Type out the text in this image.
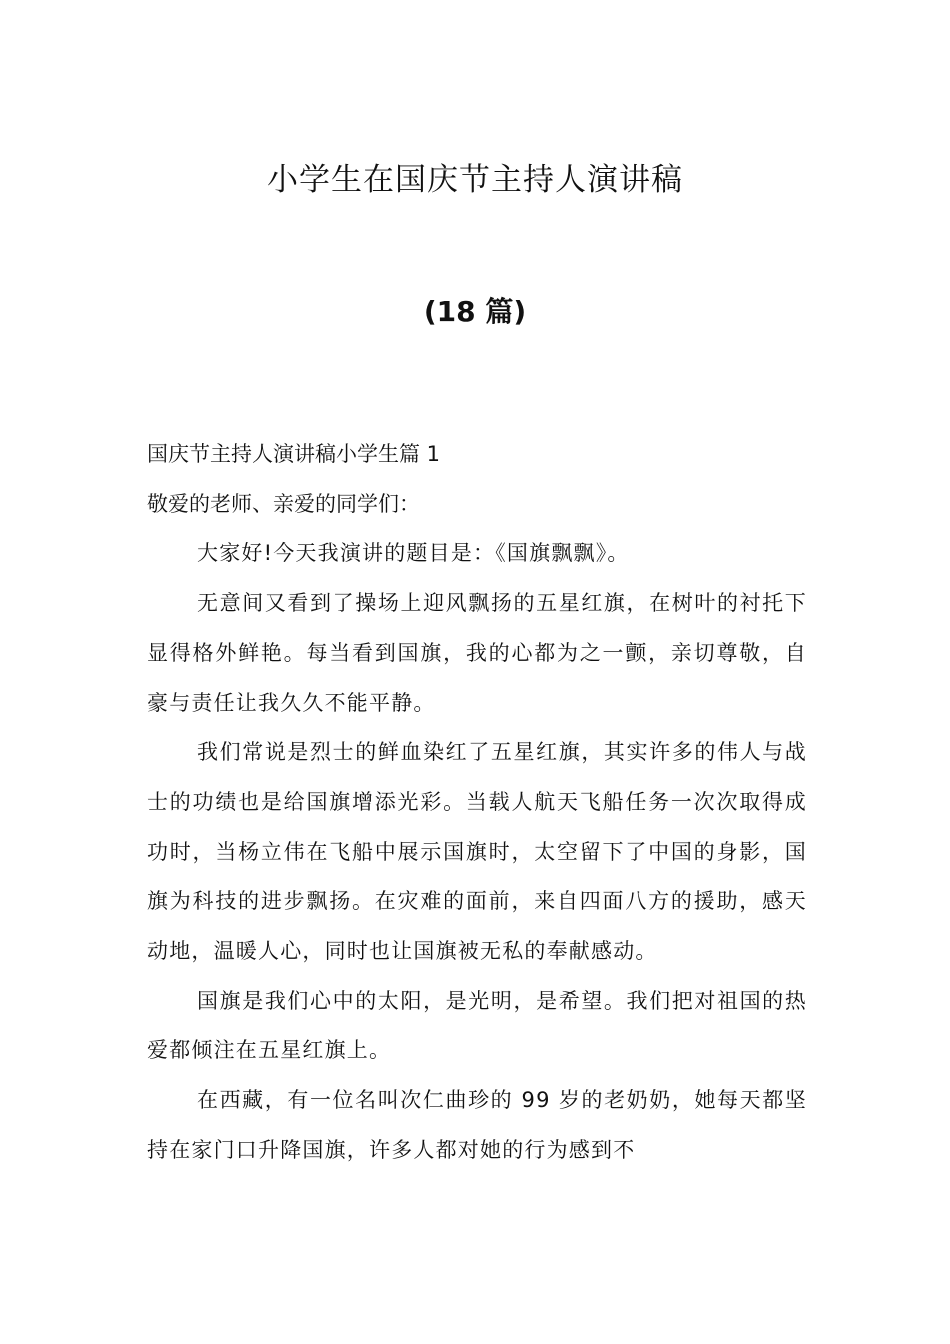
小学生在国庆节主持人演讲稿
(18 篇)

国庆节主持人演讲稿小学生篇 1

敬爱的老师、亲爱的同学们：

大家好!今天我演讲的题目是：《国旗飘飘》。

无意间又看到了操场上迎风飘扬的五星红旗，在树叶的衬托下显得格外鲜艳。每当看到国旗，我的心都为之一颤，亲切尊敬，自豪与责任让我久久不能平静。

我们常说是烈士的鲜血染红了五星红旗，其实许多的伟人与战士的功绩也是给国旗增添光彩。当载人航天飞船任务一次次取得成功时，当杨立伟在飞船中展示国旗时，太空留下了中国的身影，国旗为科技的进步飘扬。在灾难的面前，来自四面八方的援助，感天动地，温暖人心，同时也让国旗被无私的奉献感动。

国旗是我们心中的太阳，是光明，是希望。我们把对祖国的热爱都倾注在五星红旗上。

在西藏，有一位名叫次仁曲珍的 99 岁的老奶奶，她每天都坚持在家门口升降国旗，许多人都对她的行为感到不
